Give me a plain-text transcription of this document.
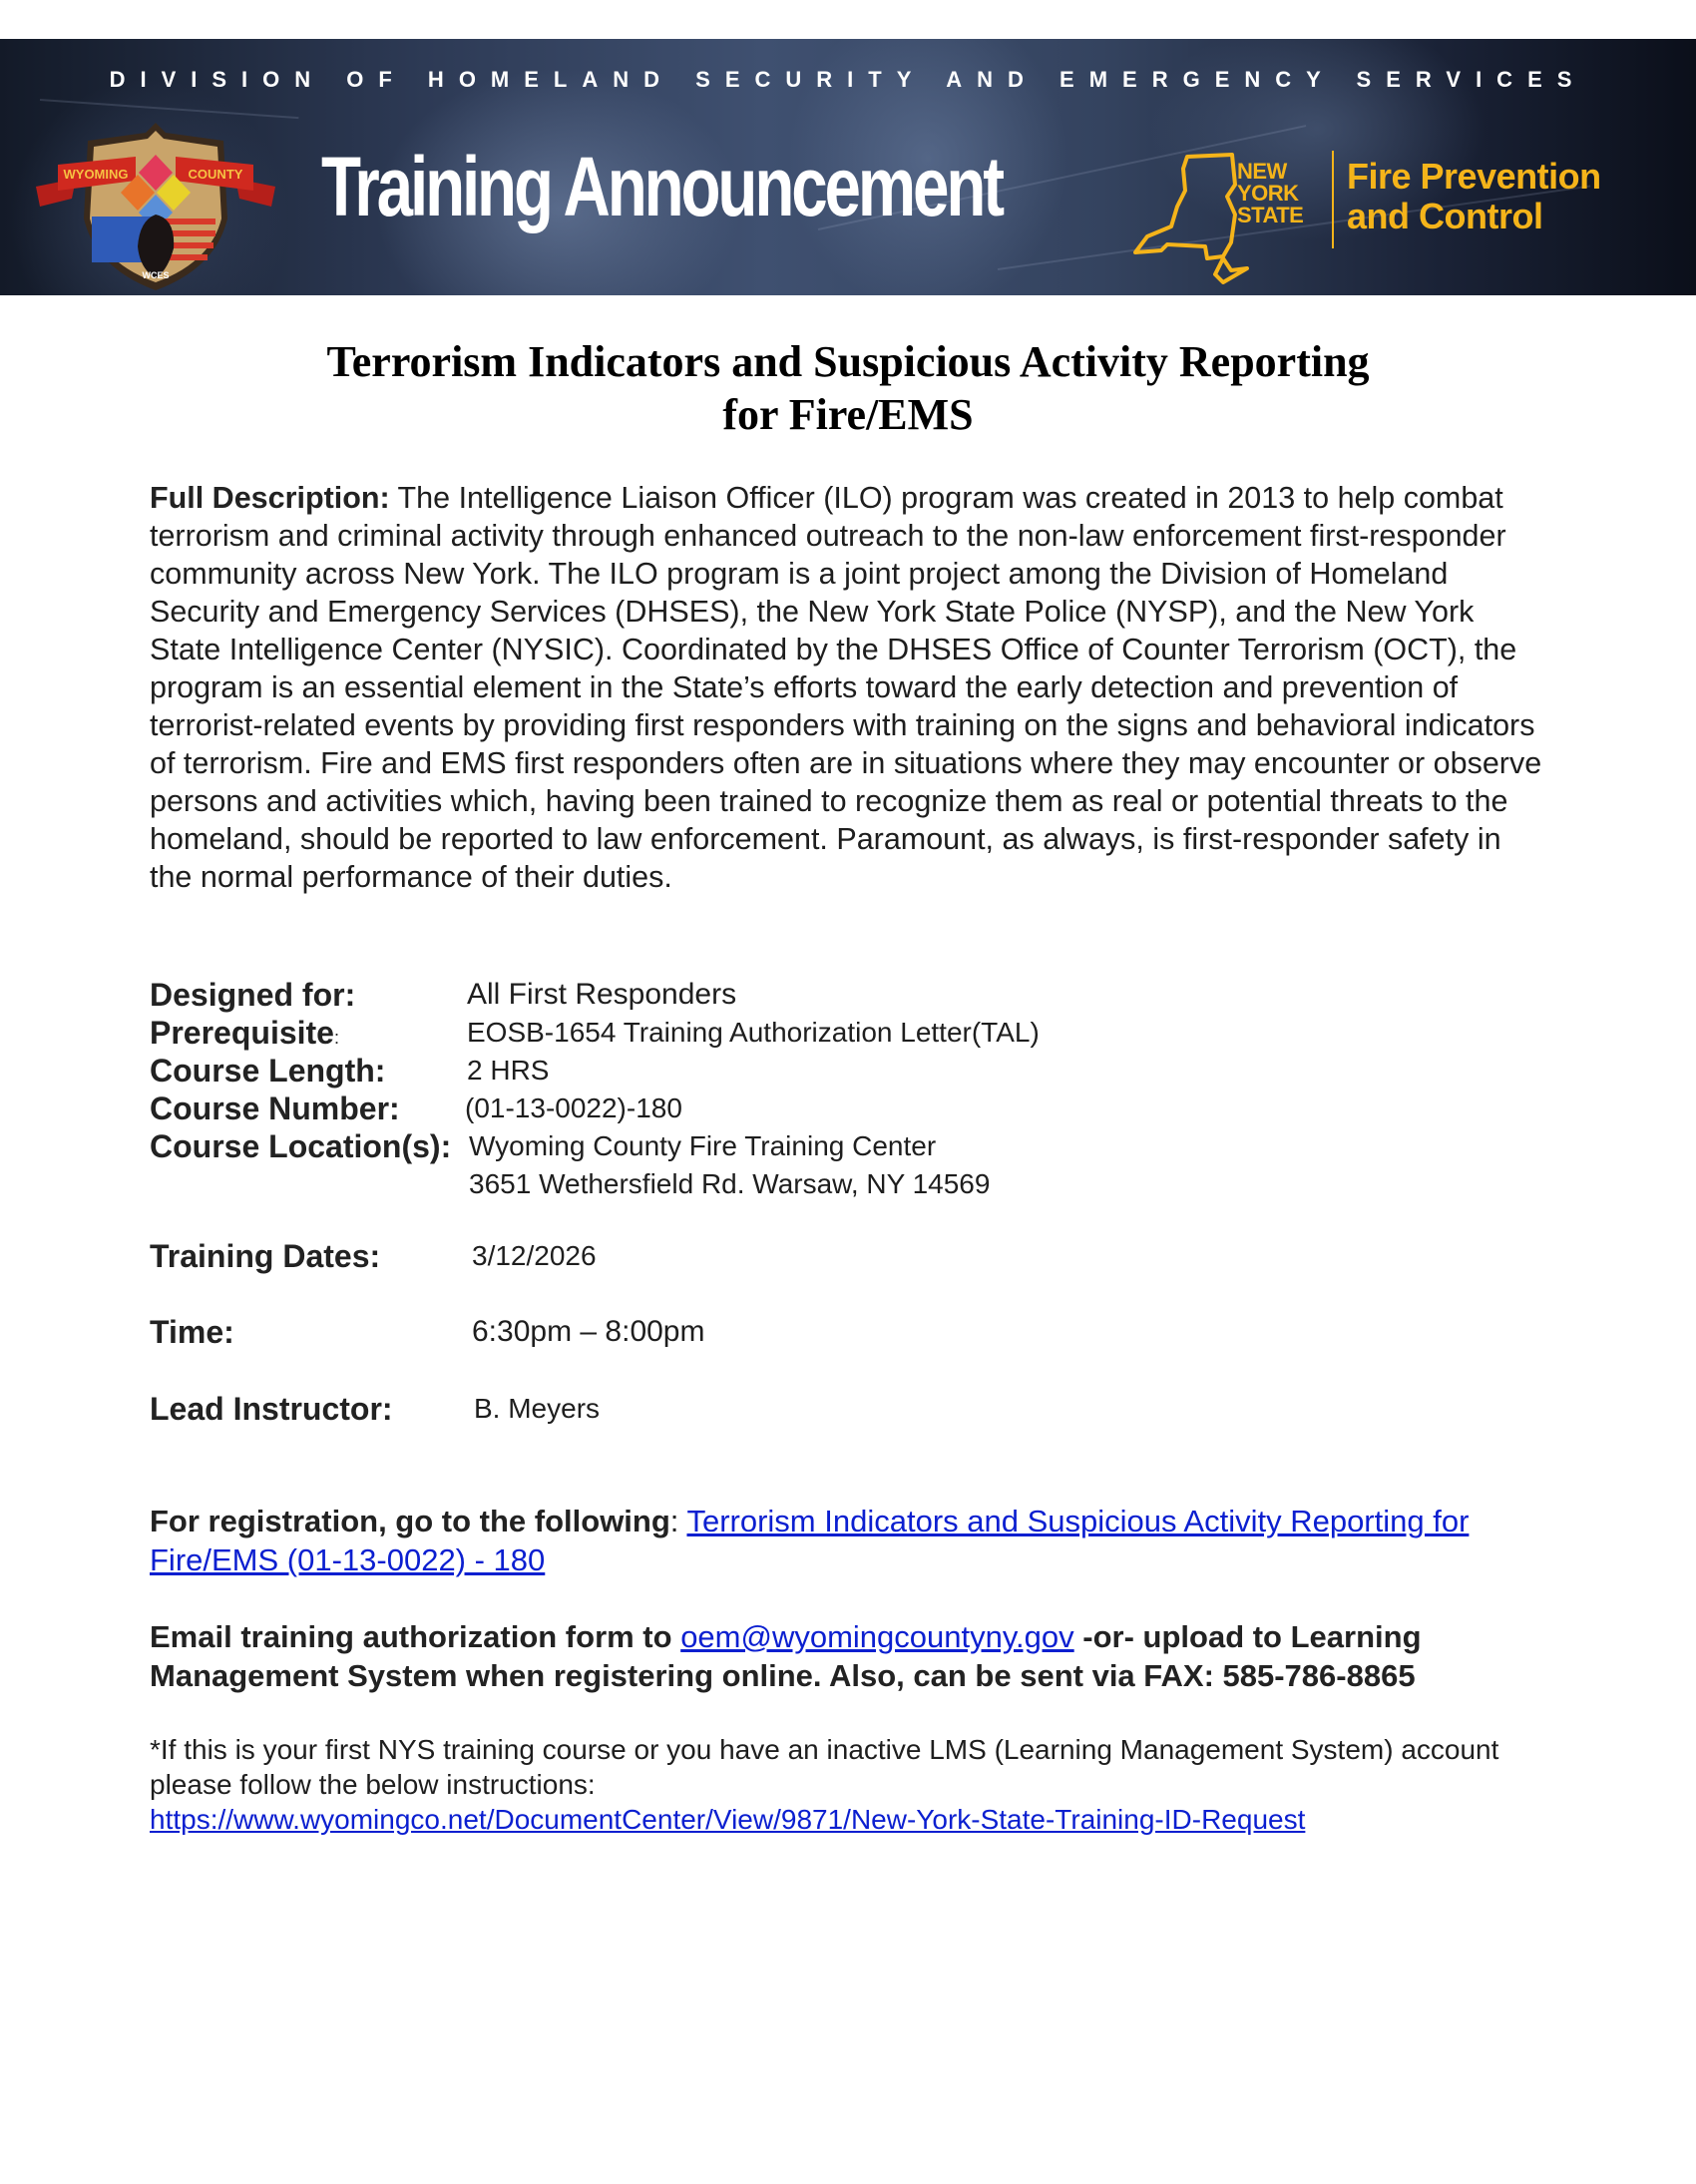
DIVISION OF HOMELAND SECURITY AND EMERGENCY SERVICES
WYOMING	COUNTY
WCES
Training Announcement	NEW
YORK
STATE
Fire Prevention
and Control
Terrorism Indicators and Suspicious Activity Reporting
for Fire/EMS
Full Description: The Intelligence Liaison Officer (ILO) program was created in 2013 to help combat terrorism and criminal activity through enhanced outreach to the non-law enforcement first-responder community across New York. The ILO program is a joint project among the Division of Homeland Security and Emergency Services (DHSES), the New York State Police (NYSP), and the New York State Intelligence Center (NYSIC). Coordinated by the DHSES Office of Counter Terrorism (OCT), the program is an essential element in the State’s efforts toward the early detection and prevention of terrorist-related events by providing first responders with training on the signs and behavioral indicators of terrorism. Fire and EMS first responders often are in situations where they may encounter or observe persons and activities which, having been trained to recognize them as real or potential threats to the homeland, should be reported to law enforcement. Paramount, as always, is first-responder safety in the normal performance of their duties.
Designed for:	All First Responders
Prerequisite:	EOSB-1654 Training Authorization Letter(TAL)
Course Length:	2 HRS
Course Number: (01-13-0022)-180
Course Location(s): Wyoming County Fire Training Center
3651 Wethersfield Rd. Warsaw, NY 14569
Training Dates:	3/12/2026
Time:	6:30pm – 8:00pm
Lead Instructor:	B. Meyers
For registration, go to the following: Terrorism Indicators and Suspicious Activity Reporting for Fire/EMS (01-13-0022) - 180
Email training authorization form to oem@wyomingcountyny.gov -or- upload to Learning Management System when registering online. Also, can be sent via FAX: 585-786-8865
*If this is your first NYS training course or you have an inactive LMS (Learning Management System) account please follow the below instructions:
https://www.wyomingco.net/DocumentCenter/View/9871/New-York-State-Training-ID-Request
